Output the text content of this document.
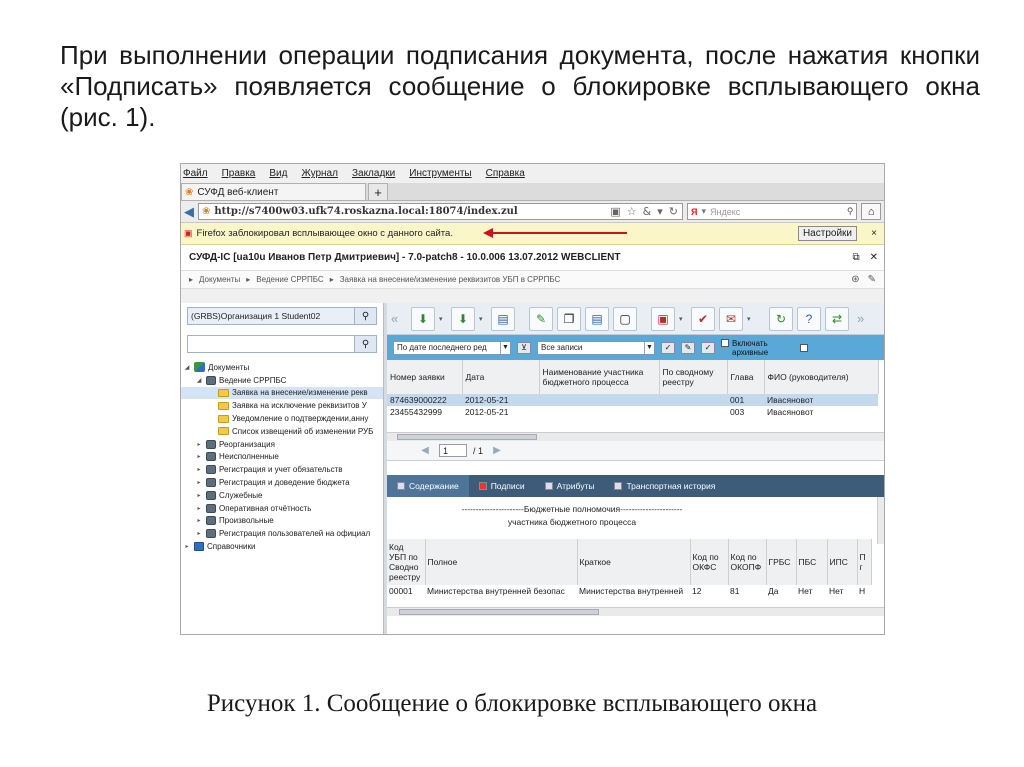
При выполнении операции подписания документа, после нажатия кнопки «Подписать» появляется сообщение о блокировке всплывающего окна (рис. 1).
Файл Правка Вид Журнал Закладки Инструменты Справка
❀ СУФД веб-клиент	+
◀ ❀ http://s7400w03.ufk74.roskazna.local:18074/index.zul	▣ ☆ & ▾ ↻ Я ▾ Яндекс	⚲	⌂
▣ Firefox заблокировал всплывающее окно с данного сайта.	Настройки	×
СУФД-IC [ua10u Иванов Петр Дмитриевич] - 7.0-patch8 - 10.0.006 13.07.2012 WEBCLIENT	⧉ ✕
▸ Документы ▸ Ведение СРРПБС ▸ Заявка на внесение/изменение реквизитов УБП в СРРПБС	⊛ ✎
(GRBS)Организация 1 Student02	⚲
⚲
◢ Документы
◢ Ведение СРРПБС
Заявка на внесение/изменение рекв
Заявка на исключение реквизитов У
Уведомление о подтверждении,анну
Список извещений об изменении РУБ
▸	Реорганизация
▸	Неисполненные
▸	Регистрация и учет обязательств
▸	Регистрация и доведение бюджета
▸	Служебные
▸	Оперативная отчётность
▸	Произвольные
▸	Регистрация пользователей на официал
▸	Справочники
«	⬇	▾	⬇	▾	▤	✎	❐	▤	▢	▣	▾	✔	✉	▾	↻	?	⇄	»
По дате последнего ред ▼	⊻	Все записи	▼	✓	✎	✓	Включать
архивные
Номер заявки	Дата	Наименование участника бюджетного процесса	По сводному реестру	Глава	ФИО (руководителя)
874639000222	2012-05-21			001	Ивасяновот
23455432999	2012-05-21			003	Ивасяновот
◀	1	/ 1	▶
Содержание	Подписи	Атрибуты	Транспортная история
----------------------Бюджетные полномочия----------------------
участника бюджетного процесса
Код УБП по Сводно реестру	Полное	Краткое	Код по ОКФС	Код по ОКОПФ	ГРБС	ПБС	ИПС	П г
00001	Министерства внутренней безопас	Министерства внутренней	12	81	Да	Нет	Нет	Н
Рисунок 1. Сообщение о блокировке всплывающего окна
